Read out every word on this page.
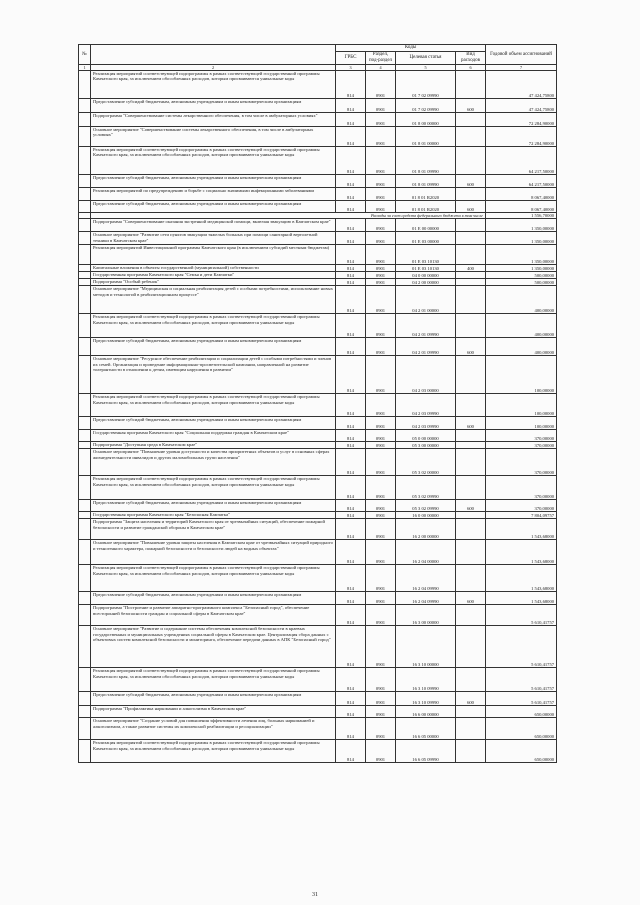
№		Коды				Годовой объем ассигнований
		ГРБС	Раздел, под-раздел	Целевая статья	Вид расходов	
1	2	3	4	5	6	7
	Реализация мероприятий соответствующей подпрограммы в рамках соответствующей государственной программы Камчатского края, за исключением обособленных расходов, которым присваиваются уникальные коды	814	0901	01 7 02 09990		47 424,75800
	Предоставление субсидий бюджетным, автономным учреждениям и иным некоммерческим организациям	814	0901	01 7 02 09990	600	47 424,75800
	Подпрограмма "Совершенствование системы лекарственного обеспечения, в том числе в амбулаторных условиях"	814	0901	01 8 00 00000		72 284,90000
	Основное мероприятие "Совершенствование системы лекарственного обеспечения, в том числе в амбулаторных условиях"	814	0901	01 8 01 00000		72 284,90000
	Реализация мероприятий соответствующей подпрограммы в рамках соответствующей государственной программы Камчатского края, за исключением обособленных расходов, которым присваиваются уникальные коды	814	0901	01 8 01 09990		64 217,50000
	Предоставление субсидий бюджетным, автономным учреждениям и иным некоммерческим организациям	814	0901	01 8 01 09990	600	64 217,50000
	Реализация мероприятий по предупреждению и борьбе с социально значимыми инфекционными заболеваниями	814	0901	01 8 01 R2020		8 067,40000
	Предоставление субсидий бюджетным, автономным учреждениям и иным некоммерческим организациям	814	0901	01 8 01 R2020	600	8 067,40000
	Расходы за счет средств федерального бюджета в том числе					1 556,70000
	Подпрограмма "Совершенствование оказания экстренной медицинской помощи, включая эвакуацию в Камчатском крае"	814	0901	01 Е 00 00000		1 350,00000
	Основное мероприятие "Развитие сети пунктов эвакуации тяжелых больных при помощи санитарной вертолетной техники в Камчатском крае"	814	0901	01 Е 03 00000		1 350,00000
	Реализация мероприятий Инвестиционной программы Камчатского края (в исключением субсидий местным бюджетам)	814	0901	01 Е 03 10130		1 350,00000
	Капитальные вложения в объекты государственной (муниципальной) собственности	814	0901	01 Е 03 10130	400	1 350,00000
	Государственная программа Камчатского края "Семья и дети Камчатки"	814	0901	04 0 00 00000		500,00000
	Подпрограмма "Особый ребенок"	814	0901	04 2 00 00000		500,00000
	Основное мероприятие "Медицинская и социальная реабилитация детей с особыми потребностями, использование новых методов и технологий в реабилитационном процессе"	814	0901	04 2 01 00000		400,00000
	Реализация мероприятий соответствующей подпрограммы в рамках соответствующей государственной программы Камчатского края, за исключением обособленных расходов, которым присваиваются уникальные коды	814	0901	04 2 01 09990		400,00000
	Предоставление субсидий бюджетным, автономным учреждениям и иным некоммерческим организациям	814	0901	04 2 01 09990	600	400,00000
	Основное мероприятие "Ресурсное обеспечение реабилитации и социализации детей с особыми потребностями и членов их семей. Организация и проведение информационно-просветительской кампании, направленной на развитие толерантности в отношении к детям, имеющим нарушения в развитии"	814	0901	04 2 03 00000		100,00000
	Реализация мероприятий соответствующей подпрограммы в рамках соответствующей государственной программы Камчатского края, за исключением обособленных расходов, которым присваиваются уникальные коды	814	0901	04 2 03 09990		100,00000
	Предоставление субсидий бюджетным, автономным учреждениям и иным некоммерческим организациям	814	0901	04 2 03 09990	600	100,00000
	Государственная программа Камчатского края "Социальная поддержка граждан в Камчатском крае"	814	0901	05 0 00 00000		370,00000
	Подпрограмма "Доступная среда в Камчатском крае"	814	0901	05 3 00 00000		370,00000
	Основное мероприятие "Повышение уровня доступности и качества приоритетных объектов и услуг в основных сферах жизнедеятельности инвалидов и других маломобильных групп населения"	814	0901	05 3 02 00000		370,00000
	Реализация мероприятий соответствующей подпрограммы в рамках соответствующей государственной программы Камчатского края, за исключением обособленных расходов, которым присваиваются уникальные коды	814	0901	05 3 02 09990		370,00000
	Предоставление субсидий бюджетным, автономным учреждениям и иным некоммерческим организациям	814	0901	05 3 02 09990	600	370,00000
	Государственная программа Камчатского края "Безопасная Камчатка"	814	0901	16 0 00 00000		7 804,09757
	Подпрограмма "Защита населения и территорий Камчатского края от чрезвычайных ситуаций, обеспечение пожарной безопасности и развитие гражданской обороны в Камчатском крае"	814	0901	16 2 00 00000		1 543,68000
	Основное мероприятие "Повышение уровня защиты населения в Камчатском крае от чрезвычайных ситуаций природного и техногенного характера, пожарной безопасности и безопасности людей на водных объектах"	814	0901	16 2 04 00000		1 543,68000
	Реализация мероприятий соответствующей подпрограммы в рамках соответствующей государственной программы Камчатского края, за исключением обособленных расходов, которым присваиваются уникальные коды	814	0901	16 2 04 09990		1 543,68000
	Предоставление субсидий бюджетным, автономным учреждениям и иным некоммерческим организациям	814	0901	16 2 04 09990	600	1 543,68000
	Подпрограмма "Построение и развитие аппаратно-программного комплекса "Безопасный город", обеспечение всесторонней безопасности граждан и социальной сферы в Камчатском крае"	814	0901	16 3 00 00000		5 610,41757
	Основное мероприятие "Развитие и содержание системы обеспечения комплексной безопасности в краевых государственных и муниципальных учреждениях социальной сферы в Камчатском крае. Централизация сбора данных с объектовых систем комплексной безопасности и мониторинга, обеспечение передачи данных в АПК "Безопасный город"	814	0901	16 3 10 00000		5 610,41757
	Реализация мероприятий соответствующей подпрограммы в рамках соответствующей государственной программы Камчатского края, за исключением обособленных расходов, которым присваиваются уникальные коды	814	0901	16 3 10 09990		5 610,41757
	Предоставление субсидий бюджетным, автономным учреждениям и иным некоммерческим организациям	814	0901	16 3 10 09990	600	5 610,41757
	Подпрограмма "Профилактика наркомании и алкоголизма в Камчатском крае"	814	0901	16 6 00 00000		650,00000
	Основное мероприятие "Создание условий для повышения эффективности лечения лиц, больных наркоманией и алкоголизмом, а также развитие системы их комплексной реабилитации и ресоциализации"	814	0901	16 6 05 00000		650,00000
	Реализация мероприятий соответствующей подпрограммы в рамках соответствующей государственной программы Камчатского края, за исключением обособленных расходов, которым присваиваются уникальные коды	814	0901	16 6 05 09990		650,00000
31
